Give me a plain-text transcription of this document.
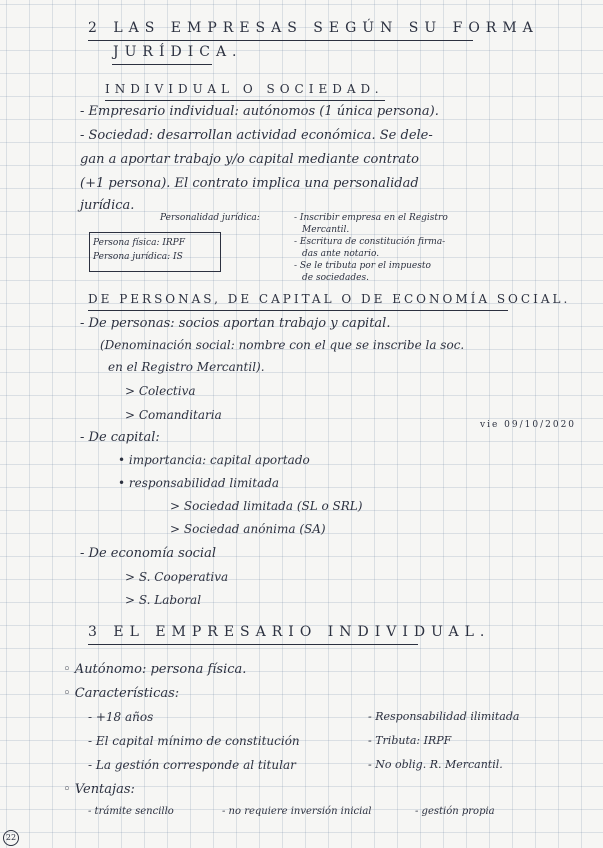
2 LAS EMPRESAS SEGÚN SU FORMA
JURÍDICA.
INDIVIDUAL O SOCIEDAD.
- Empresario individual: autónomos (1 única persona).
- Sociedad: desarrollan actividad económica. Se dele-
gan a aportar trabajo y/o capital mediante contrato
(+1 persona). El contrato implica una personalidad
jurídica.
Personalidad jurídica:	- Inscribir empresa en el Registro
Mercantil.
- Escritura de constitución firma-
das ante notario.
- Se le tributa por el impuesto
de sociedades.
Persona física: IRPF
Persona jurídica: IS
DE PERSONAS, DE CAPITAL O DE ECONOMÍA SOCIAL.
- De personas: socios aportan trabajo y capital.
(Denominación social: nombre con el que se inscribe la soc.
en el Registro Mercantil).
> Colectiva
> Comanditaria
vie 09/10/2020
- De capital:
• importancia: capital aportado
• responsabilidad limitada
> Sociedad limitada (SL o SRL)
> Sociedad anónima (SA)
- De economía social
> S. Cooperativa
> S. Laboral
3 EL EMPRESARIO INDIVIDUAL.
◦ Autónomo: persona física.
◦ Características:
- +18 años	- Responsabilidad ilimitada
- El capital mínimo de constitución	- Tributa: IRPF
- La gestión corresponde al titular	- No oblig. R. Mercantil.
◦ Ventajas:
- trámite sencillo	- no requiere inversión inicial	- gestión propia
22
